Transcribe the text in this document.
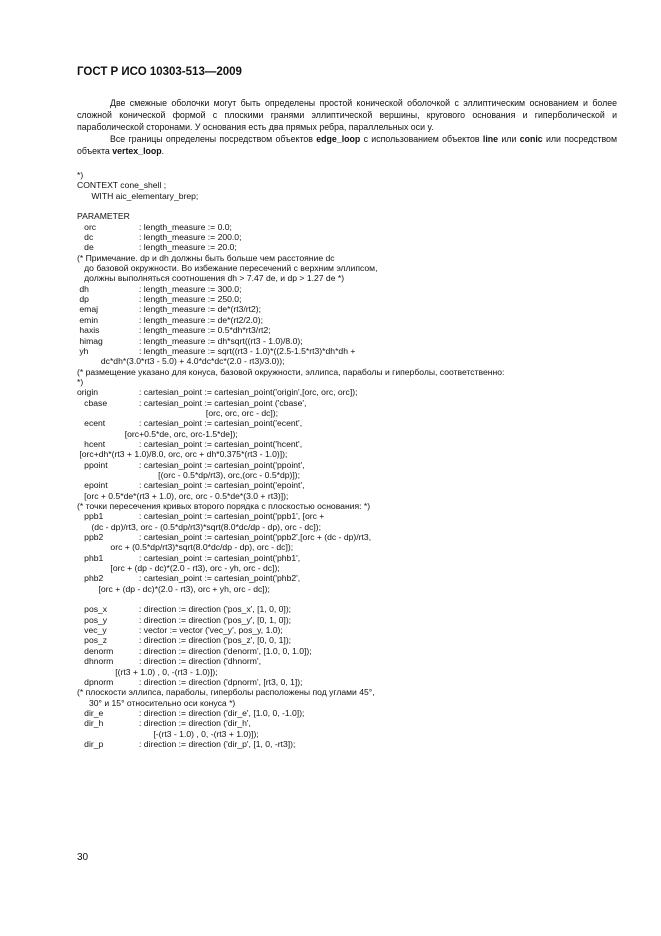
ГОСТ Р ИСО 10303-513—2009

Две смежные оболочки могут быть определены простой конической оболочкой с эллиптическим основанием и более сложной конической формой с плоскими гранями эллиптической вершины, кругового основания и гиперболической и параболической сторонами. У основания есть два прямых ребра, параллельных оси y.

Все границы определены посредством объектов edge_loop с использованием объектов line или conic или посредством объекта vertex_loop.

*)
CONTEXT cone_shell ;
WITH aic_elementary_brep;
PARAMETER
orc	: length_measure := 0.0;
dc	: length_measure := 200.0;
de	: length_measure := 20.0;
(* Примечание. dp и dh должны быть больше чем расстояние dc
до базовой окружности. Во избежание пересечений с верхним эллипсом,
должны выполняться соотношения dh > 7.47 de, и dp > 1.27 de *)
dh	: length_measure := 300.0;
dp	: length_measure := 250.0;
emaj	: length_measure := de*(rt3/rt2);
emin	: length_measure := de*(rt2/2.0);
haxis	: length_measure := 0.5*dh*rt3/rt2;
himag	: length_measure := dh*sqrt((rt3 - 1.0)/8.0);
yh	: length_measure := sqrt((rt3 - 1.0)*((2.5-1.5*rt3)*dh*dh +
dc*dh*(3.0*rt3 - 5.0) + 4.0*dc*dc*(2.0 - rt3)/3.0));
(* размещение указано для конуса, базовой окружности, эллипса, параболы и гиперболы, соответственно:
*)
origin	: cartesian_point := cartesian_point('origin',[orc, orc, orc]);
cbase	: cartesian_point := cartesian_point ('cbase',
[orc, orc, orc - dc]);
ecent	: cartesian_point := cartesian_point('ecent',
[orc+0.5*de, orc, orc-1.5*de]);
hcent	: cartesian_point := cartesian_point('hcent',
[orc+dh*(rt3 + 1.0)/8.0, orc, orc + dh*0.375*(rt3 - 1.0)]);
ppoint	: cartesian_point := cartesian_point('ppoint',
[(orc - 0.5*dp/rt3), orc,(orc - 0.5*dp)]);
epoint	: cartesian_point := cartesian_point('epoint',
[orc + 0.5*de*(rt3 + 1.0), orc, orc - 0.5*de*(3.0 + rt3)]);
(* точки пересечения кривых второго порядка с плоскостью основания: *)
ppb1	: cartesian_point := cartesian_point('ppb1', [orc +
(dc - dp)/rt3, orc - (0.5*dp/rt3)*sqrt(8.0*dc/dp - dp), orc - dc]);
ppb2	: cartesian_point := cartesian_point('ppb2',[orc + (dc - dp)/rt3,
orc + (0.5*dp/rt3)*sqrt(8.0*dc/dp - dp), orc - dc]);
phb1	: cartesian_point := cartesian_point('phb1',
[orc + (dp - dc)*(2.0 - rt3), orc - yh, orc - dc]);
phb2	: cartesian_point := cartesian_point('phb2',
[orc + (dp - dc)*(2.0 - rt3), orc + yh, orc - dc]);
pos_x	: direction := direction ('pos_x', [1, 0, 0]);
pos_y	: direction := direction ('pos_y', [0, 1, 0]);
vec_y	: vector := vector ('vec_y', pos_y, 1.0);
pos_z	: direction := direction ('pos_z', [0, 0, 1]);
denorm	: direction := direction ('denorm', [1.0, 0, 1.0]);
dhnorm	: direction := direction ('dhnorm',
[(rt3 + 1.0) , 0, -(rt3 - 1.0)]);
dpnorm	: direction := direction ('dpnorm', [rt3, 0, 1]);
(* плоскости эллипса, параболы, гиперболы расположены под углами 45°,
30° и 15° относительно оси конуса *)
dir_e	: direction := direction ('dir_e', [1.0, 0, -1.0]);
dir_h	: direction := direction ('dir_h',
[-(rt3 - 1.0) , 0, -(rt3 + 1.0)]);
dir_p	: direction := direction ('dir_p', [1, 0, -rt3]);
30
